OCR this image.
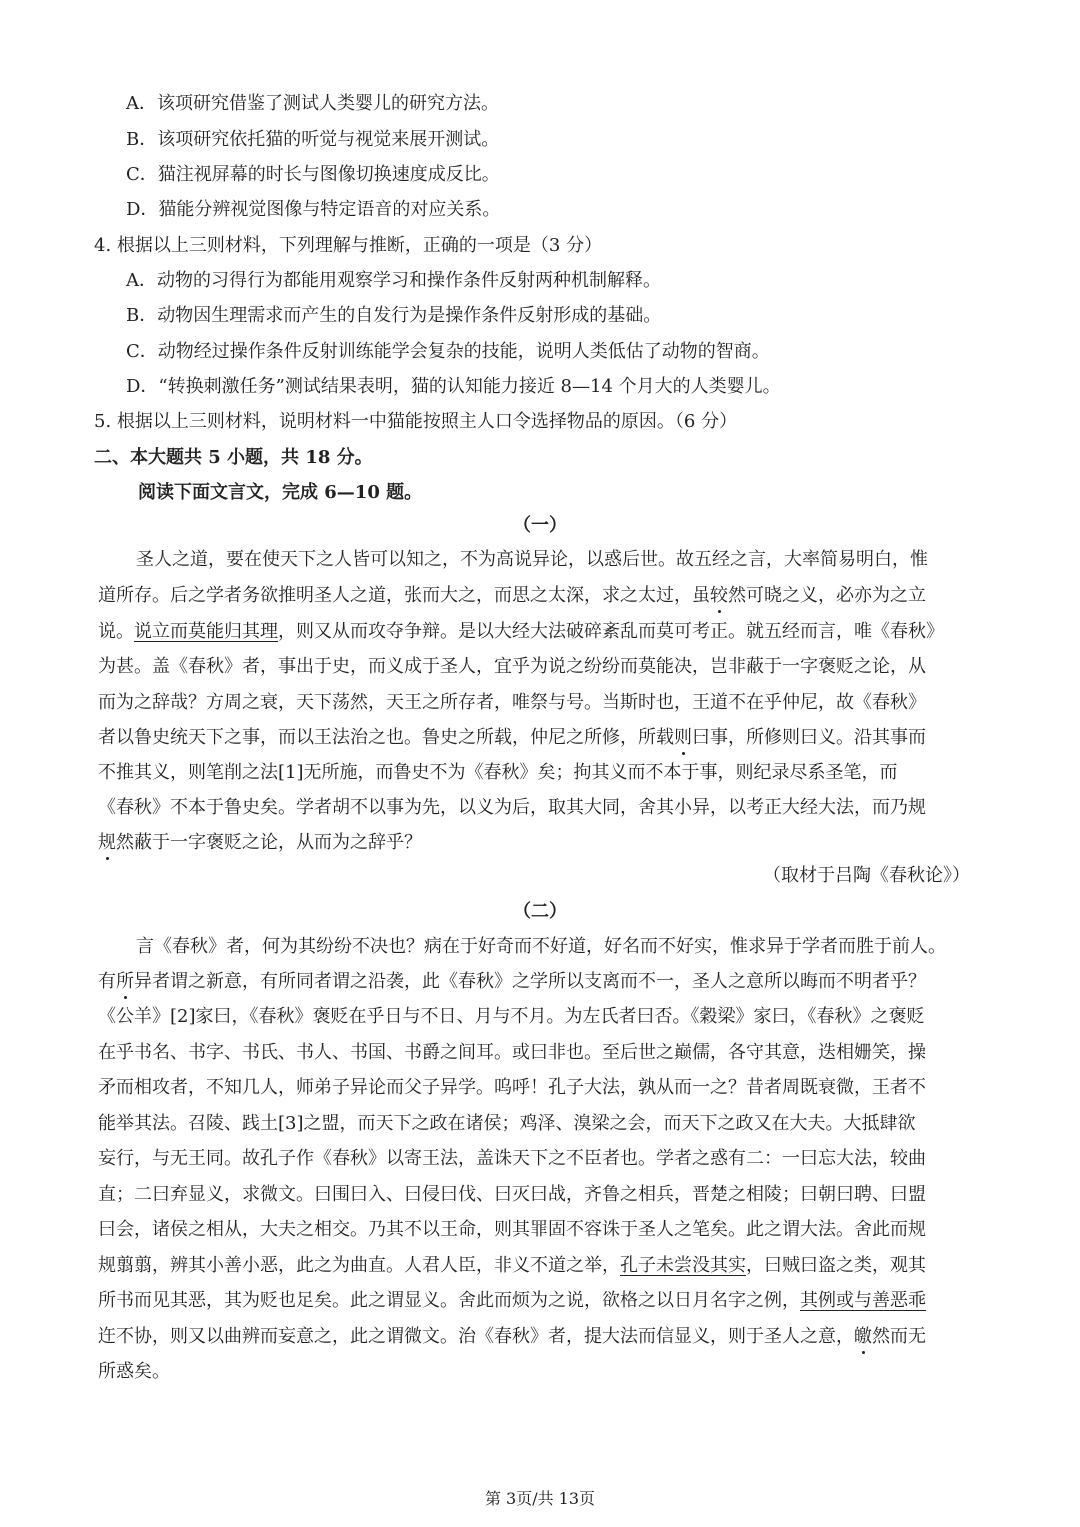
A．该项研究借鉴了测试人类婴儿的研究方法。
B．该项研究依托猫的听觉与视觉来展开测试。
C．猫注视屏幕的时长与图像切换速度成反比。
D．猫能分辨视觉图像与特定语音的对应关系。
4. 根据以上三则材料，下列理解与推断，正确的一项是（3 分）
A．动物的习得行为都能用观察学习和操作条件反射两种机制解释。
B．动物因生理需求而产生的自发行为是操作条件反射形成的基础。
C．动物经过操作条件反射训练能学会复杂的技能，说明人类低估了动物的智商。
D．“转换刺激任务”测试结果表明，猫的认知能力接近 8—14 个月大的人类婴儿。
5. 根据以上三则材料，说明材料一中猫能按照主人口令选择物品的原因。（6 分）
二、本大题共 5 小题，共 18 分。
阅读下面文言文，完成 6—10 题。
（一）
圣人之道，要在使天下之人皆可以知之，不为高说异论，以惑后世。故五经之言，大率简易明白，惟
道所存。后之学者务欲推明圣人之道，张而大之，而思之太深，求之太过，虽较然可晓之义，必亦为之立
说。说立而莫能归其理，则又从而攻夺争辩。是以大经大法破碎紊乱而莫可考正。就五经而言，唯《春秋》
为甚。盖《春秋》者，事出于史，而义成于圣人，宜乎为说之纷纷而莫能决，岂非蔽于一字褒贬之论，从
而为之辞哉？方周之衰，天下荡然，天王之所存者，唯祭与号。当斯时也，王道不在乎仲尼，故《春秋》
者以鲁史统天下之事，而以王法治之也。鲁史之所载，仲尼之所修，所载则曰事，所修则曰义。沿其事而
不推其义，则笔削之法[1]无所施，而鲁史不为《春秋》矣；拘其义而不本于事，则纪录尽系圣笔，而
《春秋》不本于鲁史矣。学者胡不以事为先，以义为后，取其大同，舍其小异，以考正大经大法，而乃规
规然蔽于一字褒贬之论，从而为之辞乎？
（取材于吕陶《春秋论》）
（二）
言《春秋》者，何为其纷纷不决也？病在于好奇而不好道，好名而不好实，惟求异于学者而胜于前人。
有所异者谓之新意，有所同者谓之沿袭，此《春秋》之学所以支离而不一，圣人之意所以晦而不明者乎？
《公羊》[2]家曰，《春秋》褒贬在乎日与不日、月与不月。为左氏者曰否。《穀梁》家曰，《春秋》之褒贬
在乎书名、书字、书氏、书人、书国、书爵之间耳。或曰非也。至后世之巅儒，各守其意，迭相姗笑，操
矛而相攻者，不知几人，师弟子异论而父子异学。呜呼！孔子大法，孰从而一之？昔者周既衰微，王者不
能举其法。召陵、践土[3]之盟，而天下之政在诸侯；鸡泽、溴梁之会，而天下之政又在大夫。大抵肆欲
妄行，与无王同。故孔子作《春秋》以寄王法，盖诛天下之不臣者也。学者之惑有二：一曰忘大法，较曲
直；二曰弃显义，求微文。曰围曰入、曰侵曰伐、曰灭曰战，齐鲁之相兵，晋楚之相陵；曰朝曰聘、曰盟
曰会，诸侯之相从，大夫之相交。乃其不以王命，则其罪固不容诛于圣人之笔矣。此之谓大法。舍此而规
规翦翦，辨其小善小恶，此之为曲直。人君人臣，非义不道之举，孔子未尝没其实，曰贼曰盗之类，观其
所书而见其恶，其为贬也足矣。此之谓显义。舍此而烦为之说，欲格之以日月名字之例，其例或与善恶乖
迕不协，则又以曲辨而妄意之，此之谓微文。治《春秋》者，提大法而信显义，则于圣人之意，皦然而无
所惑矣。
第 3页/共 13页
